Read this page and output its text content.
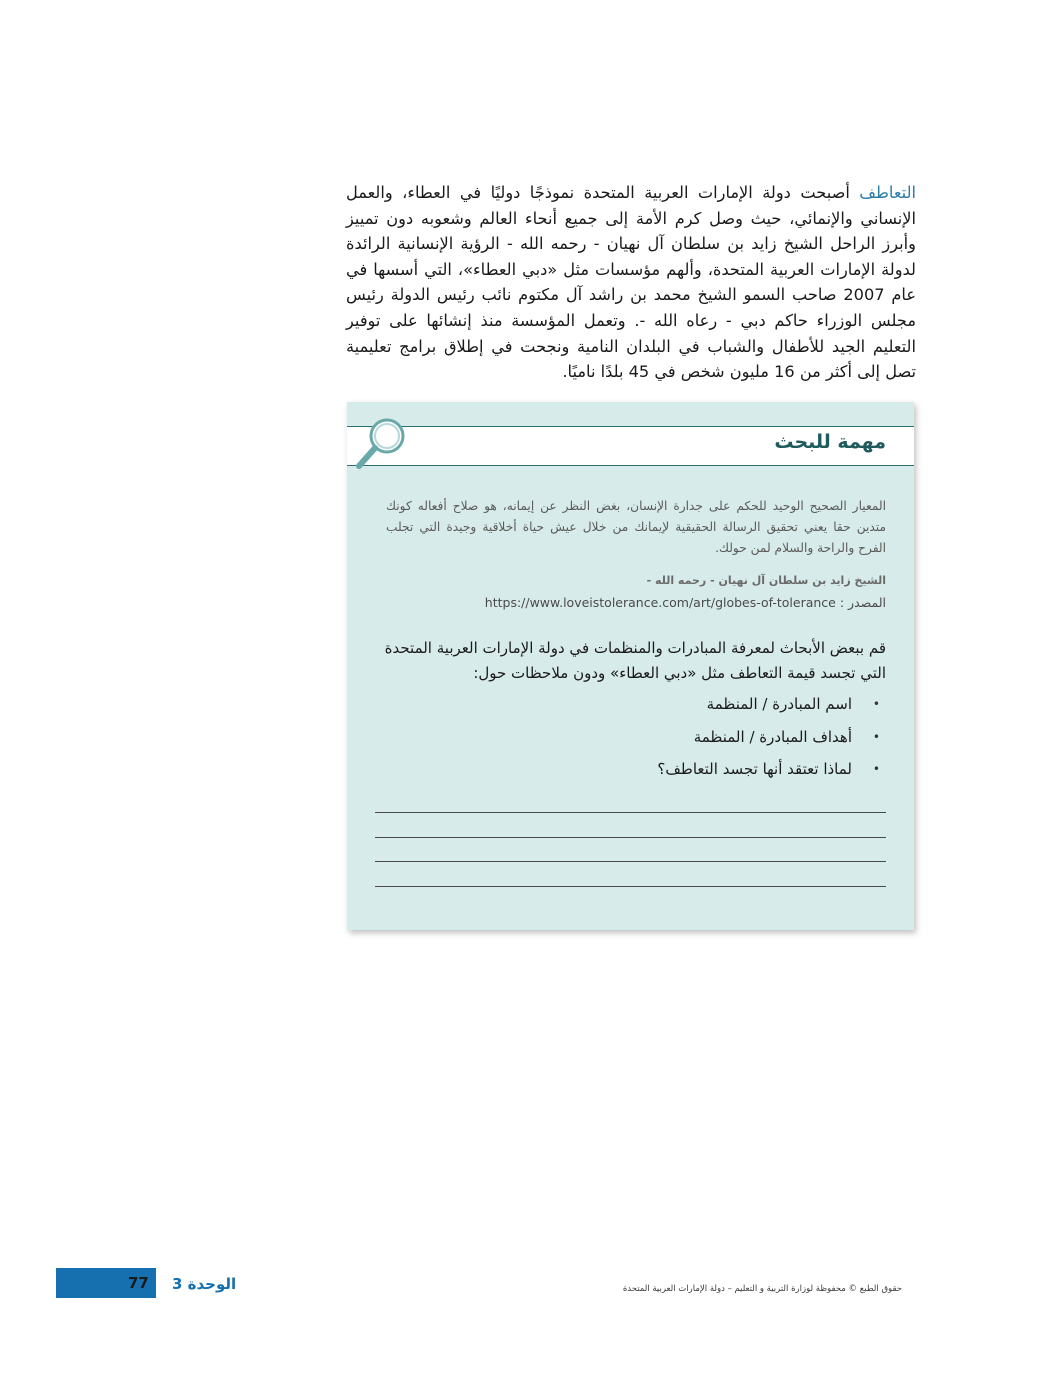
التعاطف أصبحت دولة الإمارات العربية المتحدة نموذجًا دوليًا في العطاء، والعمل الإنساني والإنمائي، حيث وصل كرم الأمة إلى جميع أنحاء العالم وشعوبه دون تمييز وأبرز الراحل الشيخ زايد بن سلطان آل نهيان - رحمه الله - الرؤية الإنسانية الرائدة لدولة الإمارات العربية المتحدة، وألهم مؤسسات مثل «دبي العطاء»، التي أسسها في عام 2007 صاحب السمو الشيخ محمد بن راشد آل مكتوم نائب رئيس الدولة رئيس مجلس الوزراء حاكم دبي - رعاه الله -. وتعمل المؤسسة منذ إنشائها على توفير التعليم الجيد للأطفال والشباب في البلدان النامية ونجحت في إطلاق برامج تعليمية تصل إلى أكثر من 16 مليون شخص في 45 بلدًا ناميًا.
مهمة للبحث
المعيار الصحيح الوحيد للحكم على جدارة الإنسان، بغض النظر عن إيمانه، هو صلاح أفعاله كونك متدين حقا يعني تحقيق الرسالة الحقيقية لإيمانك من خلال عيش حياة أخلاقية وجيدة التي تجلب الفرح والراحة والسلام لمن حولك.
الشيخ زايد بن سلطان آل نهيان - رحمه الله -
المصدر : https://www.loveistolerance.com/art/globes-of-tolerance
قم ببعض الأبحاث لمعرفة المبادرات والمنظمات في دولة الإمارات العربية المتحدة التي تجسد قيمة التعاطف مثل «دبي العطاء» ودون ملاحظات حول:
• اسم المبادرة / المنظمة
• أهداف المبادرة / المنظمة
• لماذا تعتقد أنها تجسد التعاطف؟
77 الوحدة 3	حقوق الطبع © محفوظة لوزارة التربية و التعليم – دولة الإمارات العربية المتحدة
